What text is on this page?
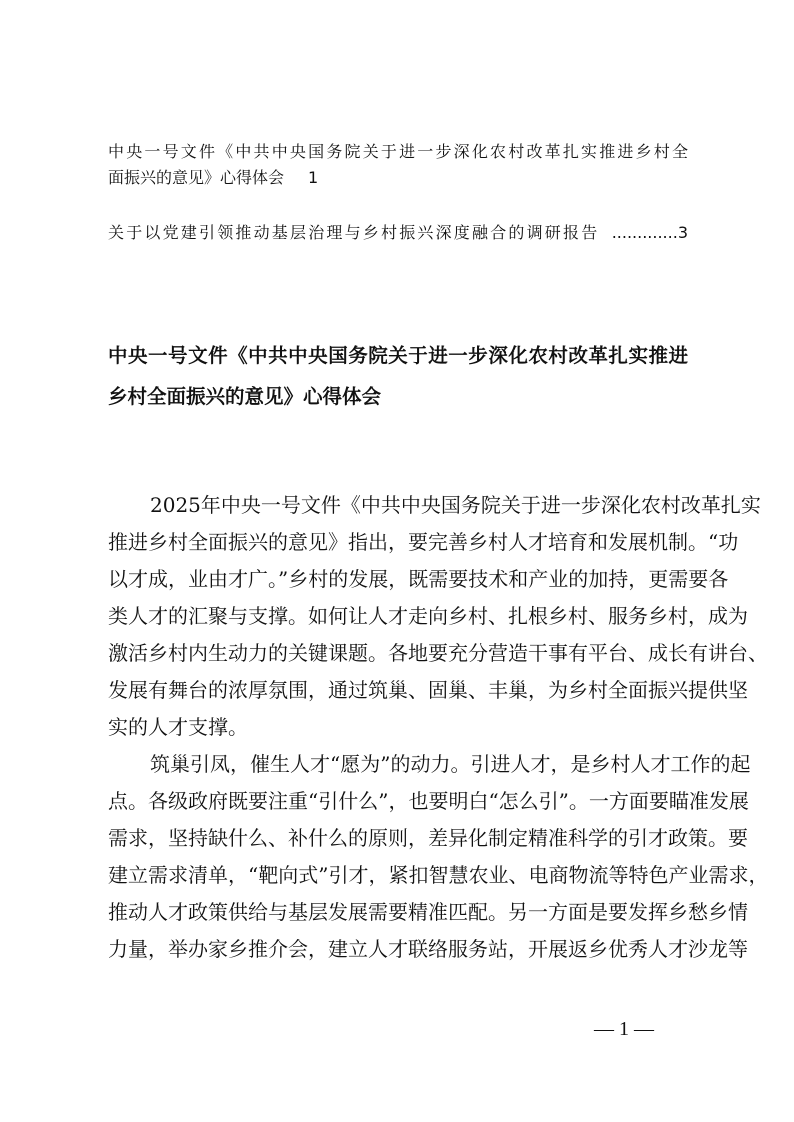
中央一号文件《中共中央国务院关于进一步深化农村改革扎实推进乡村全
面振兴的意见》心得体会 1
关于以党建引领推动基层治理与乡村振兴深度融合的调研报告 ............. 3
中央一号文件《中共中央国务院关于进一步深化农村改革扎实推进
乡村全面振兴的意见》心得体会
2025年中央一号文件《中共中央国务院关于进一步深化农村改革扎实
推进乡村全面振兴的意见》指出，要完善乡村人才培育和发展机制。“功
以才成，业由才广。”乡村的发展，既需要技术和产业的加持，更需要各
类人才的汇聚与支撑。如何让人才走向乡村、扎根乡村、服务乡村，成为
激活乡村内生动力的关键课题。各地要充分营造干事有平台、成长有讲台、
发展有舞台的浓厚氛围，通过筑巢、固巢、丰巢，为乡村全面振兴提供坚
实的人才支撑。
筑巢引凤，催生人才“愿为”的动力。引进人才，是乡村人才工作的起
点。各级政府既要注重“引什么”，也要明白“怎么引”。一方面要瞄准发展
需求，坚持缺什么、补什么的原则，差异化制定精准科学的引才政策。要
建立需求清单，“靶向式”引才，紧扣智慧农业、电商物流等特色产业需求，
推动人才政策供给与基层发展需要精准匹配。另一方面是要发挥乡愁乡情
力量，举办家乡推介会，建立人才联络服务站，开展返乡优秀人才沙龙等
— 1 —
